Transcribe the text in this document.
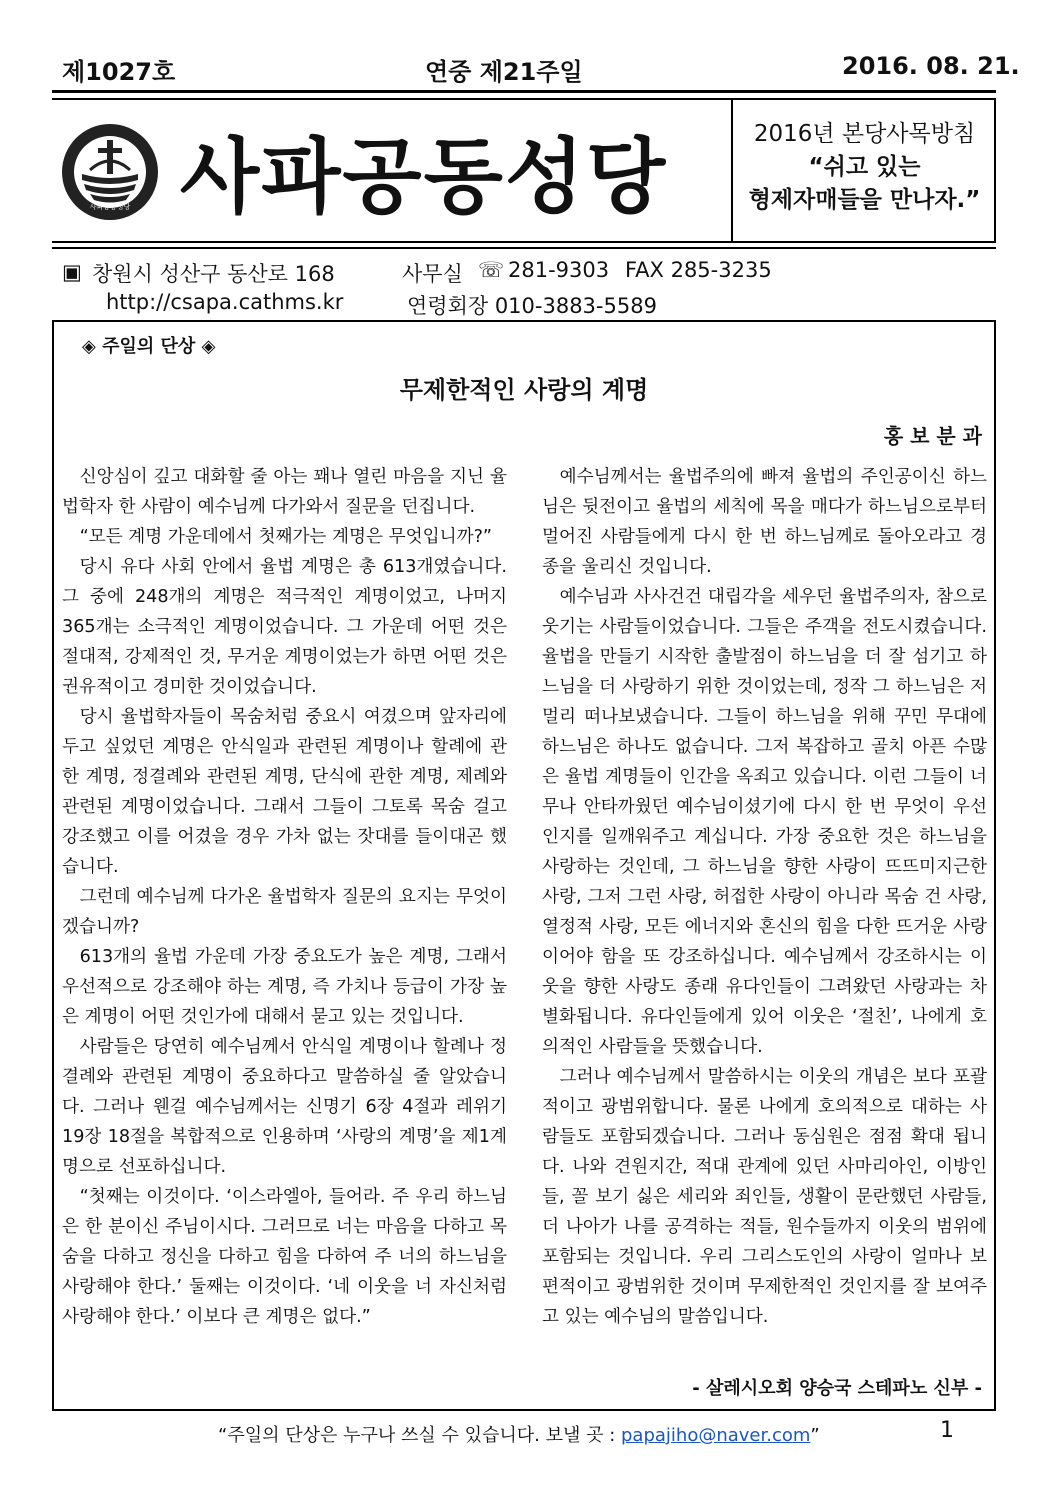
제1027호	연중 제21주일	2016. 08. 21.
사파공동성당 사파공동성당	2016년 본당사목방침
“쉬고 있는
형제자매들을 만나자.”
▣ 창원시 성산구 동산로 168	사무실 ☏ 281-9303 FAX 285-3235
http://csapa.cathms.kr	연령회장 010-3883-5589
◈ 주일의 단상 ◈
무제한적인 사랑의 계명
홍 보 분 과

신앙심이 깊고 대화할 줄 아는 꽤나 열린 마음을 지닌 율법학자 한 사람이 예수님께 다가와서 질문을 던집니다.

“모든 계명 가운데에서 첫째가는 계명은 무엇입니까?”

당시 유다 사회 안에서 율법 계명은 총 613개였습니다. 그 중에 248개의 계명은 적극적인 계명이었고, 나머지 365개는 소극적인 계명이었습니다. 그 가운데 어떤 것은 절대적, 강제적인 것, 무거운 계명이었는가 하면 어떤 것은 권유적이고 경미한 것이었습니다.

당시 율법학자들이 목숨처럼 중요시 여겼으며 앞자리에 두고 싶었던 계명은 안식일과 관련된 계명이나 할례에 관한 계명, 정결례와 관련된 계명, 단식에 관한 계명, 제례와 관련된 계명이었습니다. 그래서 그들이 그토록 목숨 걸고 강조했고 이를 어겼을 경우 가차 없는 잣대를 들이대곤 했습니다.

그런데 예수님께 다가온 율법학자 질문의 요지는 무엇이겠습니까?

613개의 율법 가운데 가장 중요도가 높은 계명, 그래서 우선적으로 강조해야 하는 계명, 즉 가치나 등급이 가장 높은 계명이 어떤 것인가에 대해서 묻고 있는 것입니다.

사람들은 당연히 예수님께서 안식일 계명이나 할례나 정결례와 관련된 계명이 중요하다고 말씀하실 줄 알았습니다. 그러나 웬걸 예수님께서는 신명기 6장 4절과 레위기 19장 18절을 복합적으로 인용하며 ‘사랑의 계명’을 제1계명으로 선포하십니다.

“첫째는 이것이다. ‘이스라엘아, 들어라. 주 우리 하느님은 한 분이신 주님이시다. 그러므로 너는 마음을 다하고 목숨을 다하고 정신을 다하고 힘을 다하여 주 너의 하느님을 사랑해야 한다.’ 둘째는 이것이다. ‘네 이웃을 너 자신처럼 사랑해야 한다.’ 이보다 큰 계명은 없다.”

예수님께서는 율법주의에 빠져 율법의 주인공이신 하느님은 뒷전이고 율법의 세칙에 목을 매다가 하느님으로부터 멀어진 사람들에게 다시 한 번 하느님께로 돌아오라고 경종을 울리신 것입니다.

예수님과 사사건건 대립각을 세우던 율법주의자, 참으로 웃기는 사람들이었습니다. 그들은 주객을 전도시켰습니다. 율법을 만들기 시작한 출발점이 하느님을 더 잘 섬기고 하느님을 더 사랑하기 위한 것이었는데, 정작 그 하느님은 저 멀리 떠나보냈습니다. 그들이 하느님을 위해 꾸민 무대에 하느님은 하나도 없습니다. 그저 복잡하고 골치 아픈 수많은 율법 계명들이 인간을 옥죄고 있습니다. 이런 그들이 너무나 안타까웠던 예수님이셨기에 다시 한 번 무엇이 우선인지를 일깨워주고 계십니다. 가장 중요한 것은 하느님을 사랑하는 것인데, 그 하느님을 향한 사랑이 뜨뜨미지근한 사랑, 그저 그런 사랑, 허접한 사랑이 아니라 목숨 건 사랑, 열정적 사랑, 모든 에너지와 혼신의 힘을 다한 뜨거운 사랑이어야 함을 또 강조하십니다. 예수님께서 강조하시는 이웃을 향한 사랑도 종래 유다인들이 그려왔던 사랑과는 차별화됩니다. 유다인들에게 있어 이웃은 ‘절친’, 나에게 호의적인 사람들을 뜻했습니다.

그러나 예수님께서 말씀하시는 이웃의 개념은 보다 포괄적이고 광범위합니다. 물론 나에게 호의적으로 대하는 사람들도 포함되겠습니다. 그러나 동심원은 점점 확대 됩니다. 나와 견원지간, 적대 관계에 있던 사마리아인, 이방인들, 꼴 보기 싫은 세리와 죄인들, 생활이 문란했던 사람들, 더 나아가 나를 공격하는 적들, 원수들까지 이웃의 범위에 포함되는 것입니다. 우리 그리스도인의 사랑이 얼마나 보편적이고 광범위한 것이며 무제한적인 것인지를 잘 보여주고 있는 예수님의 말씀입니다.

- 살레시오회 양승국 스테파노 신부 -
“주일의 단상은 누구나 쓰실 수 있습니다. 보낼 곳 : papajiho@naver.com”	1
